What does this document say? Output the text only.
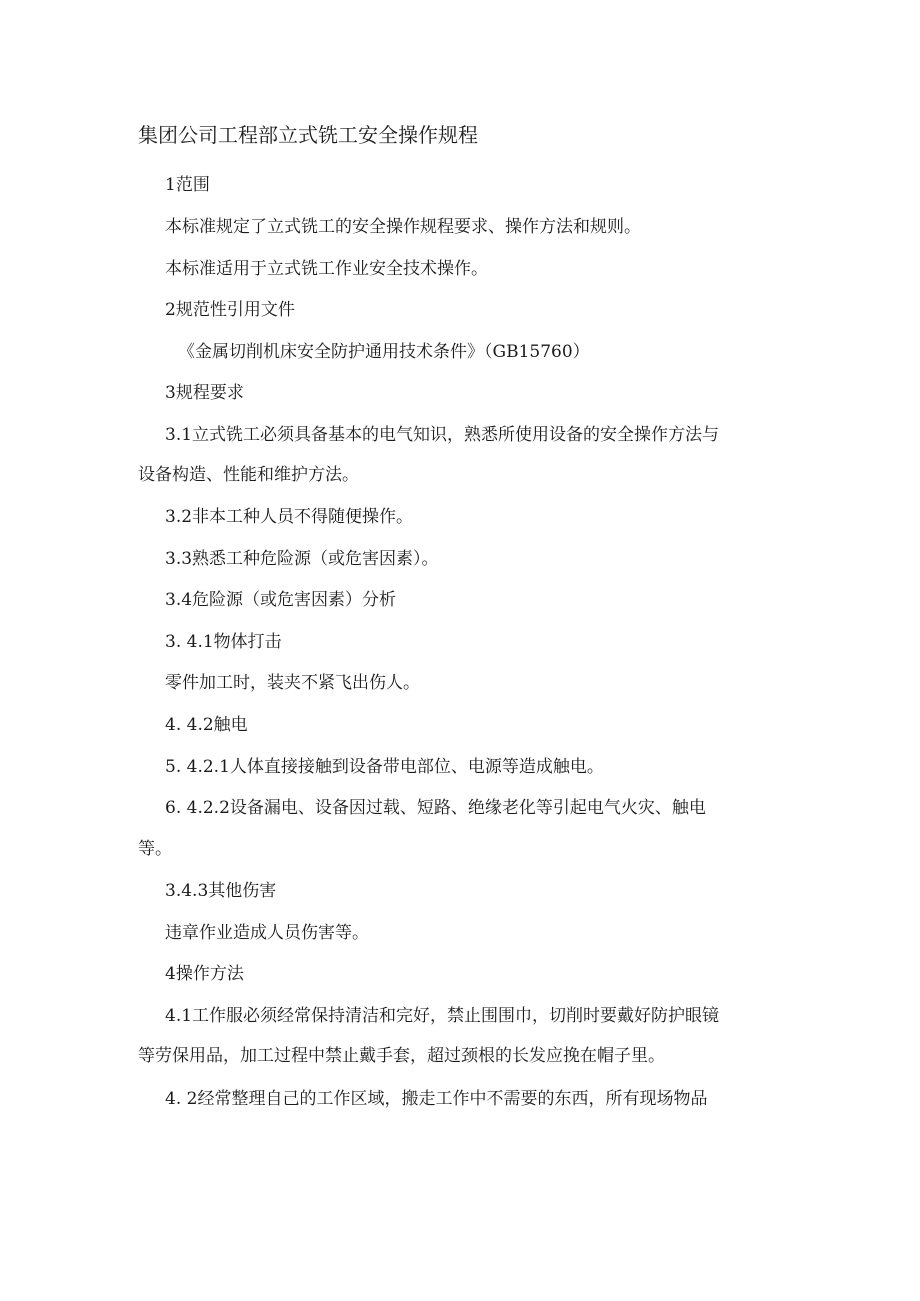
集团公司工程部立式铣工安全操作规程

1范围

本标准规定了立式铣工的安全操作规程要求、操作方法和规则。

本标准适用于立式铣工作业安全技术操作。

2规范性引用文件

《金属切削机床安全防护通用技术条件》（GB15760）

3规程要求

3.1立式铣工必须具备基本的电气知识，熟悉所使用设备的安全操作方法与

设备构造、性能和维护方法。

3.2非本工种人员不得随便操作。

3.3熟悉工种危险源（或危害因素）。

3.4危险源（或危害因素）分析

3. 4.1物体打击

零件加工时，装夹不紧飞出伤人。

4. 4.2触电

5. 4.2.1人体直接接触到设备带电部位、电源等造成触电。

6. 4.2.2设备漏电、设备因过载、短路、绝缘老化等引起电气火灾、触电

等。

3.4.3其他伤害

违章作业造成人员伤害等。

4操作方法

4.1工作服必须经常保持清洁和完好，禁止围围巾，切削时要戴好防护眼镜

等劳保用品，加工过程中禁止戴手套，超过颈根的长发应挽在帽子里。

4. 2经常整理自己的工作区域，搬走工作中不需要的东西，所有现场物品
